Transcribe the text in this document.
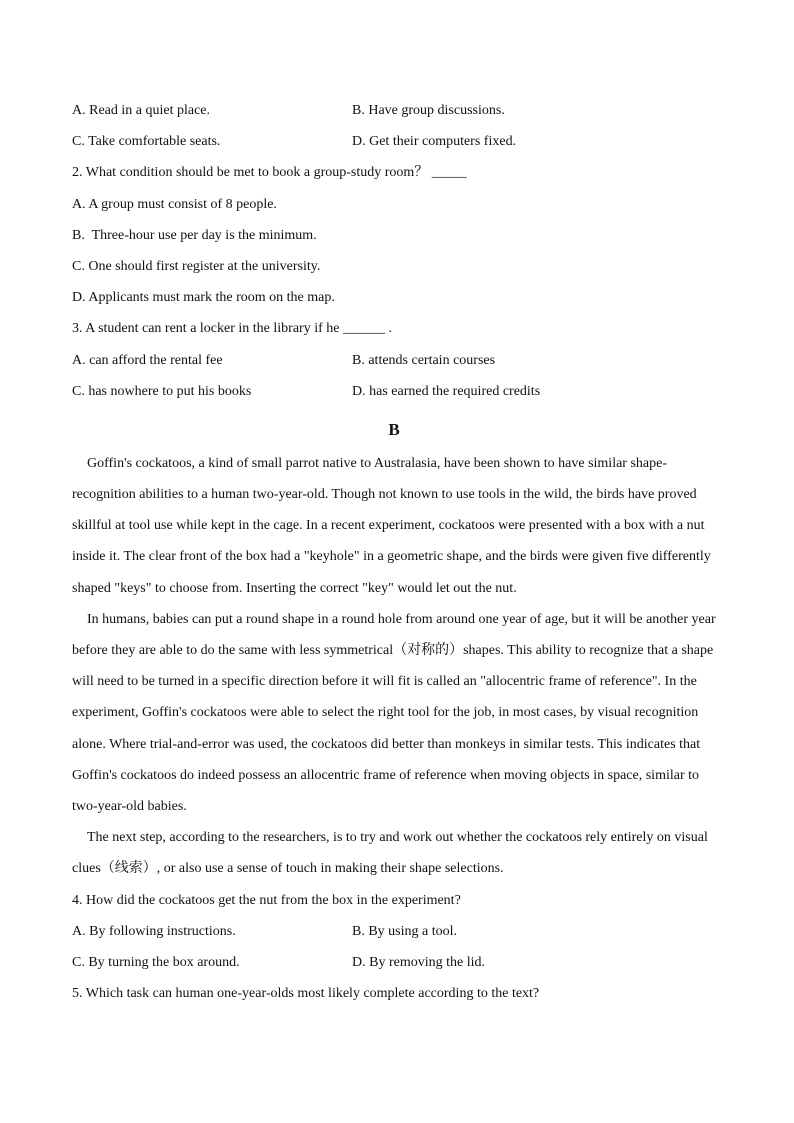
A. Read in a quiet place.	B. Have group discussions.
C. Take comfortable seats.	D. Get their computers fixed.
2. What condition should be met to book a group-study room？ _____
A. A group must consist of 8 people.
B.  Three-hour use per day is the minimum.
C. One should first register at the university.
D. Applicants must mark the room on the map.
3. A student can rent a locker in the library if he ______ .
A. can afford the rental fee	B. attends certain courses
C. has nowhere to put his books	D. has earned the required credits
B
Goffin's cockatoos, a kind of small parrot native to Australasia, have been shown to have similar shape-
recognition abilities to a human two-year-old. Though not known to use tools in the wild, the birds have proved
skillful at tool use while kept in the cage. In a recent experiment, cockatoos were presented with a box with a nut
inside it. The clear front of the box had a "keyhole" in a geometric shape, and the birds were given five differently
shaped "keys" to choose from. Inserting the correct "key" would let out the nut.
In humans, babies can put a round shape in a round hole from around one year of age, but it will be another year
before they are able to do the same with less symmetrical（对称的）shapes. This ability to recognize that a shape
will need to be turned in a specific direction before it will fit is called an "allocentric frame of reference". In the
experiment, Goffin's cockatoos were able to select the right tool for the job, in most cases, by visual recognition
alone. Where trial-and-error was used, the cockatoos did better than monkeys in similar tests. This indicates that
Goffin's cockatoos do indeed possess an allocentric frame of reference when moving objects in space, similar to
two-year-old babies.
The next step, according to the researchers, is to try and work out whether the cockatoos rely entirely on visual
clues（线索）, or also use a sense of touch in making their shape selections.
4. How did the cockatoos get the nut from the box in the experiment?
A. By following instructions.	B. By using a tool.
C. By turning the box around.	D. By removing the lid.
5. Which task can human one-year-olds most likely complete according to the text?
